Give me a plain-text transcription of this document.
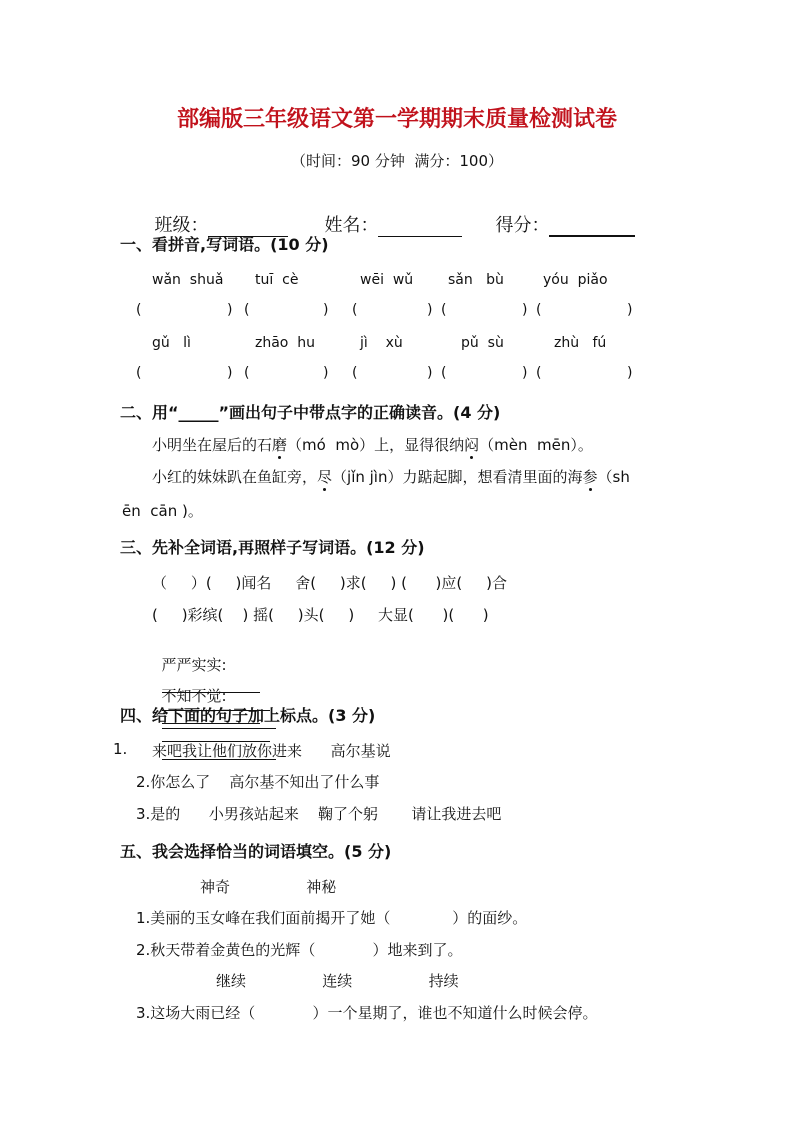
部编版三年级语文第一学期期末质量检测试卷
（时间：90 分钟  满分：100）

班级：	姓名：	得分：

一、看拼音,写词语。(10 分)
wǎn  shuǎ tuī  cè	wēi  wǔ sǎn   bù	yóu  piǎo
(	) (	) (	) (	) (	)
gǔ   lì	zhāo  hu	jì    xù	pǔ  sù	zhù   fú
(	) (	) (	) (	) (	)
二、用“_____”画出句子中带点字的正确读音。(4 分)
小明坐在屋后的石磨（mó  mò）上，显得很纳闷（mèn  mēn）。
小红的妹妹趴在鱼缸旁，尽（jǐn jìn）力踮起脚，想看清里面的海参（sh
ēn  cān )。
三、先补全词语,再照样子写词语。(12 分)
（     ）(     )闻名     舍(     )求(     ) (      )应(     )合
(     )彩缤(    ) 摇(     )头(     )     大显(      )(      )

严严实实:

不知不觉:

四、给下面的句子加上标点。(3 分)
1. 来吧我让他们放你进来      高尔基说
2.你怎么了    高尔基不知出了什么事
3.是的      小男孩站起来    鞠了个躬       请让我进去吧
五、我会选择恰当的词语填空。(5 分)
神奇                神秘
1.美丽的玉女峰在我们面前揭开了她（             ）的面纱。
2.秋天带着金黄色的光辉（            ）地来到了。
继续                连续                持续
3.这场大雨已经（            ）一个星期了，谁也不知道什么时候会停。
